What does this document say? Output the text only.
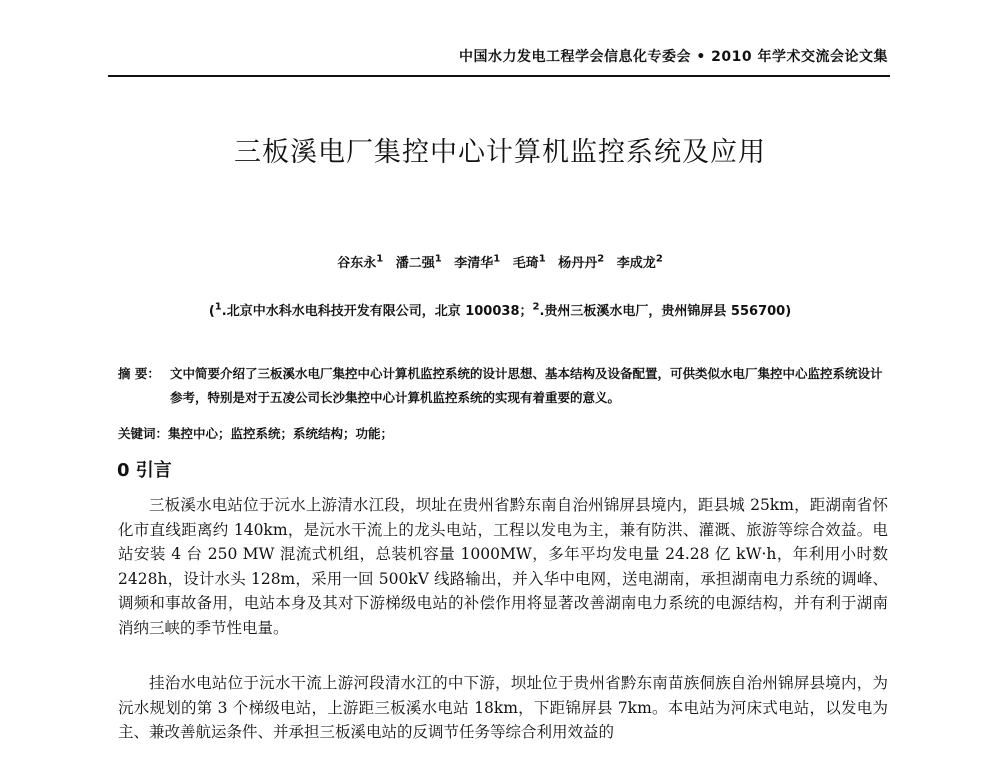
中国水力发电工程学会信息化专委会 • 2010 年学术交流会论文集
三板溪电厂集控中心计算机监控系统及应用
谷东永$^1$ 潘二强$^1$ 李清华$^1$ 毛琦$^1$ 杨丹丹$^2$ 李成龙$^2$
($^1$.北京中水科水电科技开发有限公司，北京 100038；$^2$.贵州三板溪水电厂，贵州锦屏县 556700)
摘 要： 文中简要介绍了三板溪水电厂集控中心计算机监控系统的设计思想、基本结构及设备配置，可供类似水电厂集控中心监控系统设计参考，特别是对于五凌公司长沙集控中心计算机监控系统的实现有着重要的意义。
关键词：集控中心；监控系统；系统结构；功能；
0 引言

三板溪水电站位于沅水上游清水江段，坝址在贵州省黔东南自治州锦屏县境内，距县城 25km，距湖南省怀化市直线距离约 140km，是沅水干流上的龙头电站，工程以发电为主，兼有防洪、灌溉、旅游等综合效益。电站安装 4 台 250 MW 混流式机组，总装机容量 1000MW，多年平均发电量 24.28 亿 kW·h，年利用小时数 2428h，设计水头 128m，采用一回 500kV 线路输出，并入华中电网，送电湖南，承担湖南电力系统的调峰、调频和事故备用，电站本身及其对下游梯级电站的补偿作用将显著改善湖南电力系统的电源结构，并有利于湖南消纳三峡的季节性电量。

挂治水电站位于沅水干流上游河段清水江的中下游，坝址位于贵州省黔东南苗族侗族自治州锦屏县境内，为沅水规划的第 3 个梯级电站，上游距三板溪水电站 18km，下距锦屏县 7km。本电站为河床式电站，以发电为主、兼改善航运条件、并承担三板溪电站的反调节任务等综合利用效益的
